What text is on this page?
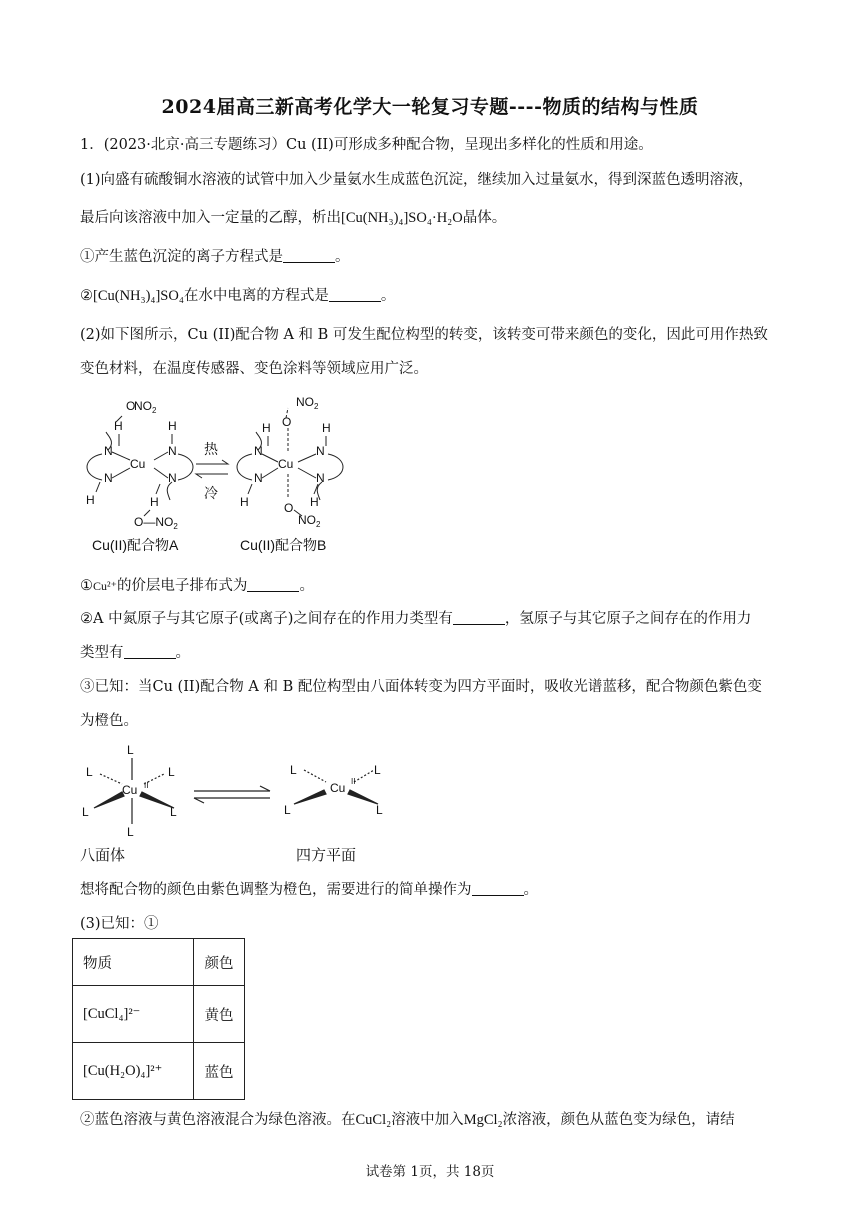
2024届高三新高考化学大一轮复习专题----物质的结构与性质
1．(2023·北京·高三专题练习）Cu (II)可形成多种配合物，呈现出多样化的性质和用途。
(1)向盛有硫酸铜水溶液的试管中加入少量氨水生成蓝色沉淀，继续加入过量氨水，得到深蓝色透明溶液，
最后向该溶液中加入一定量的乙醇，析出[Cu(NH₃)₄]SO₄·H₂O晶体。
①产生蓝色沉淀的离子方程式是	。
②[Cu(NH₃)₄]SO₄在水中电离的方程式是	。
(2)如下图所示，Cu (II)配合物 A 和 B 可发生配位构型的转变，该转变可带来颜色的变化，因此可用作热致
变色材料，在温度传感器、变色涂料等领域应用广泛。
O
$NO_2$
H	H
N	N
Cu
N	N
H	H
$O—NO_2$
Cu(II)配合物A
热
冷
O
$NO_2$
H	H
N	N
Cu
N	N
H	H
O
$NO_2$
Cu(II)配合物B
①Cu²⁺的价层电子排布式为	。
②A 中氮原子与其它原子(或离子)之间存在的作用力类型有	，氢原子与其它原子之间存在的作用力
类型有	。
③已知：当Cu (II)配合物 A 和 B 配位构型由八面体转变为四方平面时，吸收光谱蓝移，配合物颜色紫色变
为橙色。
L
L	L
Cu II
L	L
L
L	L
Cu II
L	L
八面体	四方平面
想将配合物的颜色由紫色调整为橙色，需要进行的简单操作为	。
(3)已知：①
物质	颜色
[CuCl₄]²⁻	黄色
[Cu(H₂O)₄]²⁺	蓝色
②蓝色溶液与黄色溶液混合为绿色溶液。在CuCl₂溶液中加入MgCl₂浓溶液，颜色从蓝色变为绿色，请结
试卷第 1页，共 18页
